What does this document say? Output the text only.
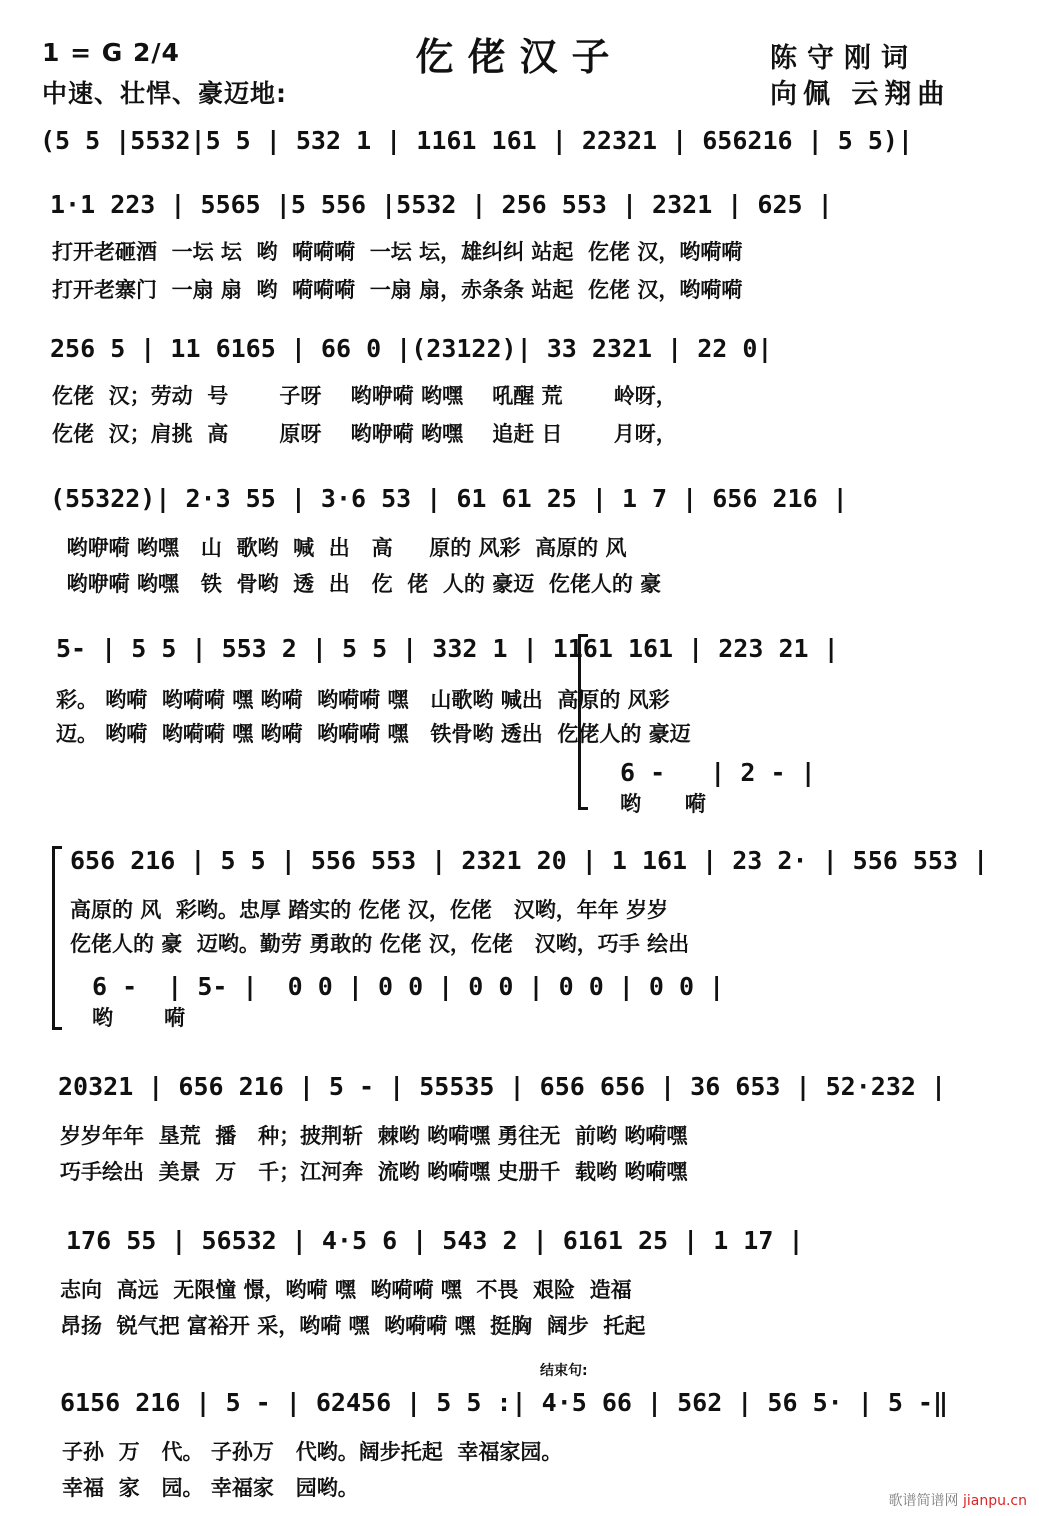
1 = G 2/4
中速、壮悍、豪迈地:
仡佬汉子	陈守刚词
向佩 云翔曲
(5 5 |5532|5 5 | 532 1 | 1161 161 | 22321 | 656216 | 5 5)|
1·1 223 | 5565 |5 556 |5532 | 256 553 | 2321 | 625 |
打开老砸酒  一坛 坛  哟  嗬嗬嗬  一坛 坛，雄纠纠 站起  仡佬 汉，哟嗬嗬
打开老寨门  一扇 扇  哟  嗬嗬嗬  一扇 扇，赤条条 站起  仡佬 汉，哟嗬嗬
256 5 | 11 6165 | 66 0 |(23122)| 33 2321 | 22 0|
仡佬  汉；劳动  号       子呀    哟咿嗬 哟嘿    吼醒 荒       岭呀，
仡佬  汉；肩挑  高       原呀    哟咿嗬 哟嘿    追赶 日       月呀，
(55322)| 2·3 55 | 3·6 53 | 61 61 25 | 1 7 | 656 216 |
哟咿嗬 哟嘿   山  歌哟  喊  出   高     原的 风彩  高原的 风
哟咿嗬 哟嘿   铁  骨哟  透  出   仡  佬  人的 豪迈  仡佬人的 豪
5- | 5 5 | 553 2 | 5 5 | 332 1 | 1161 161 | 223 21 |
彩。 哟嗬  哟嗬嗬 嘿 哟嗬  哟嗬嗬 嘿   山歌哟 喊出  高原的 风彩
迈。 哟嗬  哟嗬嗬 嘿 哟嗬  哟嗬嗬 嘿   铁骨哟 透出  仡佬人的 豪迈
6 -   | 2 - |
哟      嗬
656 216 | 5 5 | 556 553 | 2321 20 | 1 161 | 23 2· | 556 553 |
高原的 风  彩哟。忠厚 踏实的 仡佬 汉，仡佬   汉哟，年年 岁岁
仡佬人的 豪  迈哟。勤劳 勇敢的 仡佬 汉，仡佬   汉哟，巧手 绘出
6 -  | 5- |  0 0 | 0 0 | 0 0 | 0 0 | 0 0 |
哟       嗬
20321 | 656 216 | 5 - | 55535 | 656 656 | 36 653 | 52·232 |
岁岁年年  垦荒  播   种；披荆斩  棘哟 哟嗬嘿 勇往无  前哟 哟嗬嘿
巧手绘出  美景  万   千；江河奔  流哟 哟嗬嘿 史册千  载哟 哟嗬嘿
176 55 | 56532 | 4·5 6 | 543 2 | 6161 25 | 1 17 |
志向  高远  无限憧 憬，哟嗬 嘿  哟嗬嗬 嘿  不畏  艰险  造福
昂扬  锐气把 富裕开 采，哟嗬 嘿  哟嗬嗬 嘿  挺胸  阔步  托起
结束句:
6156 216 | 5 - | 62456 | 5 5 :| 4·5 66 | 562 | 56 5· | 5 -‖
子孙  万   代。 子孙万   代哟。阔步托起  幸福家园。
幸福  家   园。 幸福家   园哟。
歌谱简谱网 jianpu.cn
